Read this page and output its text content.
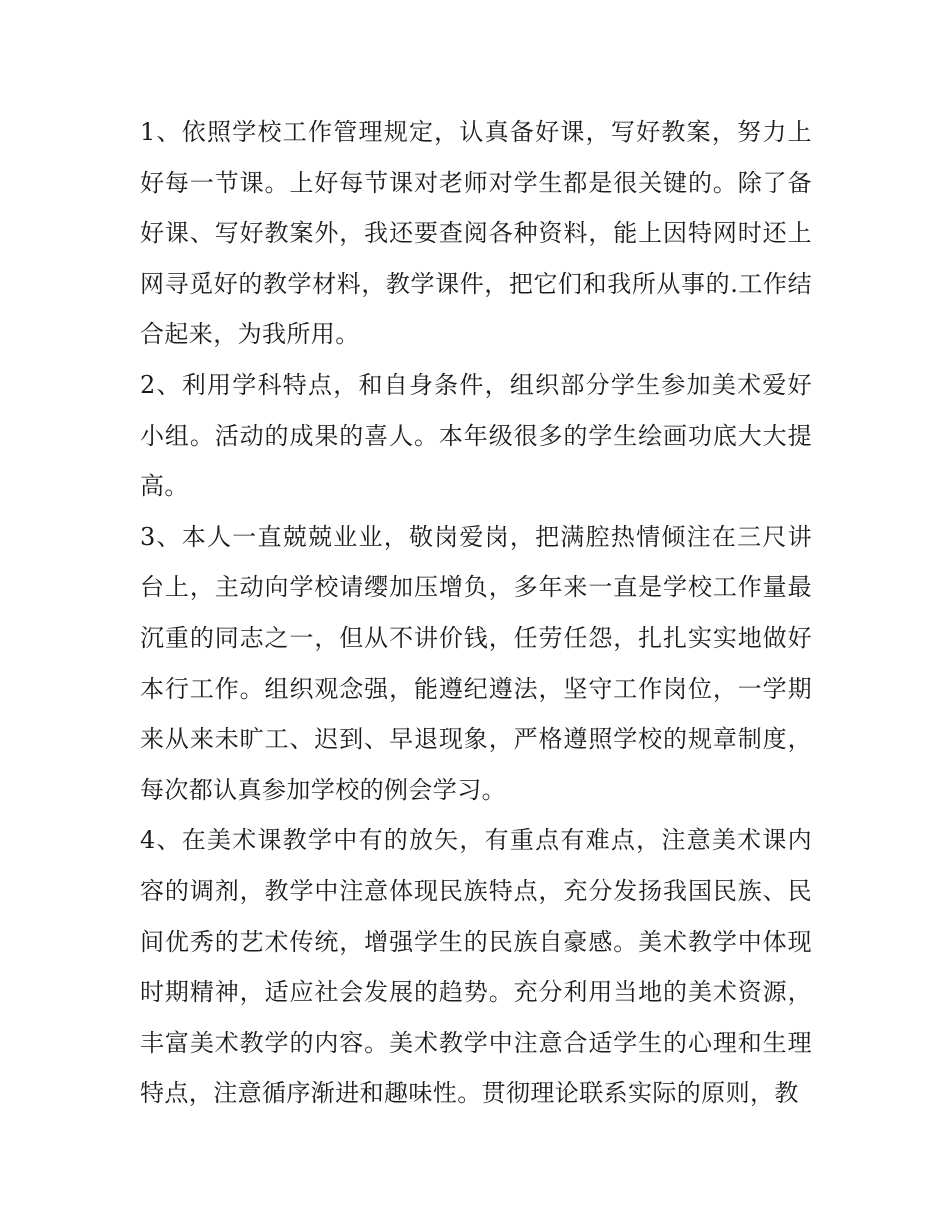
1、依照学校工作管理规定，认真备好课，写好教案，努力上好每一节课。上好每节课对老师对学生都是很关键的。除了备好课、写好教案外，我还要查阅各种资料，能上因特网时还上网寻觅好的教学材料，教学课件，把它们和我所从事的.工作结合起来，为我所用。

2、利用学科特点，和自身条件，组织部分学生参加美术爱好小组。活动的成果的喜人。本年级很多的学生绘画功底大大提高。

3、本人一直兢兢业业，敬岗爱岗，把满腔热情倾注在三尺讲台上，主动向学校请缨加压增负，多年来一直是学校工作量最沉重的同志之一，但从不讲价钱，任劳任怨，扎扎实实地做好本行工作。组织观念强，能遵纪遵法，坚守工作岗位，一学期来从来未旷工、迟到、早退现象，严格遵照学校的规章制度，每次都认真参加学校的例会学习。

4、在美术课教学中有的放矢，有重点有难点，注意美术课内容的调剂，教学中注意体现民族特点，充分发扬我国民族、民间优秀的艺术传统，增强学生的民族自豪感。美术教学中体现时期精神，适应社会发展的趋势。充分利用当地的美术资源，丰富美术教学的内容。美术教学中注意合适学生的心理和生理特点，注意循序渐进和趣味性。贯彻理论联系实际的原则，教
